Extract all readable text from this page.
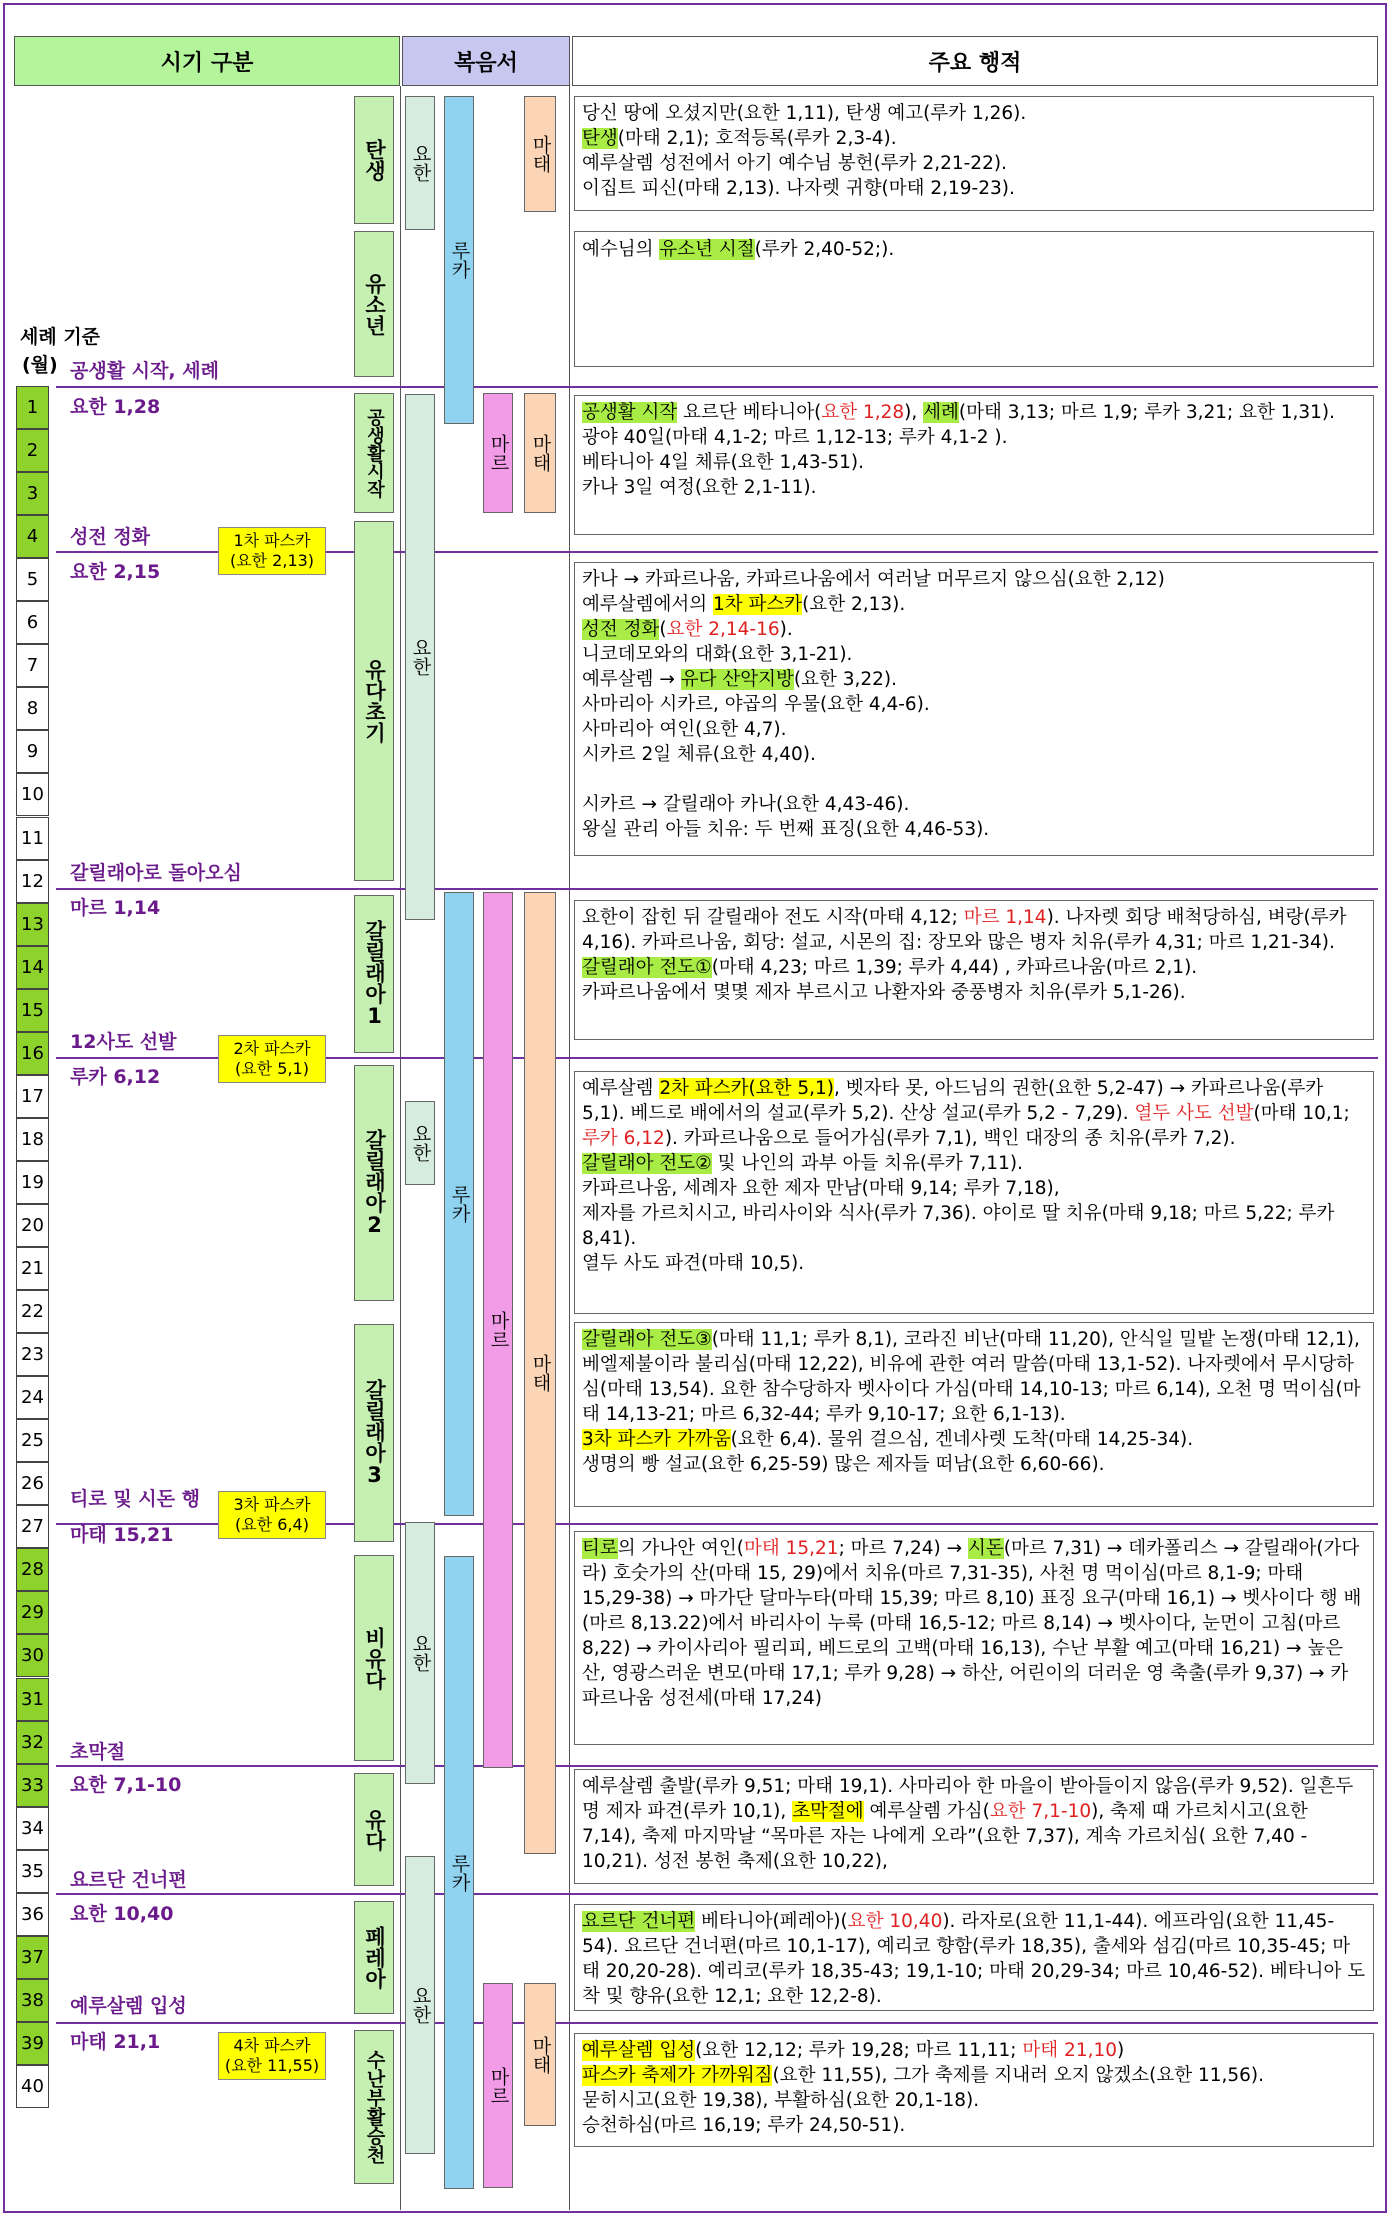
시기 구분	복음서	주요 행적
세례 기준
(월)
1
2
3
4
5
6
7
8
9
10
11
12
13
14
15
16
17
18
19
20
21
22
23
24
25
26
27
28
29
30
31
32
33
34
35
36
37
38
39
40
공생활 시작, 세례
요한 1,28
성전 정화
요한 2,15
갈릴래아로 돌아오심
마르 1,14
12사도 선발
루카 6,12
티로 및 시돈 행
마태 15,21
초막절
요한 7,1-10
요르단 건너편
요한 10,40
예루살렘 입성
마태 21,1
1차 파스카
(요한 2,13)
2차 파스카
(요한 5,1)
3차 파스카
(요한 6,4)
4차 파스카
(요한 11,55)
탄생
유소년
공생활시작
유다초기
갈릴래아1
갈릴래아2
갈릴래아3
비유다
유다
페레아
수난부활승천
요한
요한
요한
요한
요한
루카
루카
루카
마르
마르
마르
마태
마태
마태
마태

당신 땅에 오셨지만(요한 1,11), 탄생 예고(루카 1,26).

탄생(마태 2,1); 호적등록(루카 2,3-4).

예루살렘 성전에서 아기 예수님 봉헌(루카 2,21-22).

이집트 피신(마태 2,13). 나자렛 귀향(마태 2,19-23).

예수님의 유소년 시절(루카 2,40-52;).

공생활 시작 요르단 베타니아(요한 1,28), 세례(마태 3,13; 마르 1,9; 루카 3,21; 요한 1,31).

광야 40일(마태 4,1-2; 마르 1,12-13; 루카 4,1-2 ).

베타니아 4일 체류(요한 1,43-51).

카나 3일 여정(요한 2,1-11).

카나 → 카파르나움, 카파르나움에서 여러날 머무르지 않으심(요한 2,12)

예루살렘에서의 1차 파스카(요한 2,13).

성전 정화(요한 2,14-16).

니코데모와의 대화(요한 3,1-21).

예루살렘 → 유다 산악지방(요한 3,22).

사마리아 시카르, 야곱의 우물(요한 4,4-6).

사마리아 여인(요한 4,7).

시카르 2일 체류(요한 4,40).

시카르 → 갈릴래아 카나(요한 4,43-46).

왕실 관리 아들 치유: 두 번째 표징(요한 4,46-53).

요한이 잡힌 뒤 갈릴래아 전도 시작(마태 4,12; 마르 1,14). 나자렛 회당 배척당하심, 벼랑(루카 4,16). 카파르나움, 회당: 설교, 시몬의 집: 장모와 많은 병자 치유(루카 4,31; 마르 1,21-34).

갈릴래아 전도①(마태 4,23; 마르 1,39; 루카 4,44) , 카파르나움(마르 2,1).

카파르나움에서 몇몇 제자 부르시고 나환자와 중풍병자 치유(루카 5,1-26).

예루살렘 2차 파스카(요한 5,1), 벳자타 못, 아드님의 권한(요한 5,2-47) → 카파르나움(루카 5,1). 베드로 배에서의 설교(루카 5,2). 산상 설교(루카 5,2 - 7,29). 열두 사도 선발(마태 10,1; 루카 6,12). 카파르나움으로 들어가심(루카 7,1), 백인 대장의 종 치유(루카 7,2).

갈릴래아 전도② 및 나인의 과부 아들 치유(루카 7,11).

카파르나움, 세례자 요한 제자 만남(마태 9,14; 루카 7,18),

제자를 가르치시고, 바리사이와 식사(루카 7,36). 야이로 딸 치유(마태 9,18; 마르 5,22; 루카 8,41).

열두 사도 파견(마태 10,5).

갈릴래아 전도③(마태 11,1; 루카 8,1), 코라진 비난(마태 11,20), 안식일 밀밭 논쟁(마태 12,1), 베엘제불이라 불리심(마태 12,22), 비유에 관한 여러 말씀(마태 13,1-52). 나자렛에서 무시당하심(마태 13,54). 요한 참수당하자 벳사이다 가심(마태 14,10-13; 마르 6,14), 오천 명 먹이심(마태 14,13-21; 마르 6,32-44; 루카 9,10-17; 요한 6,1-13).

3차 파스카 가까움(요한 6,4). 물위 걸으심, 겐네사렛 도착(마태 14,25-34).

생명의 빵 설교(요한 6,25-59) 많은 제자들 떠남(요한 6,60-66).

티로의 가나안 여인(마태 15,21; 마르 7,24) → 시돈(마르 7,31) → 데카폴리스 → 갈릴래아(가다라) 호숫가의 산(마태 15, 29)에서 치유(마르 7,31-35), 사천 명 먹이심(마르 8,1-9; 마태 15,29-38) → 마가단 달마누타(마태 15,39; 마르 8,10) 표징 요구(마태 16,1) → 벳사이다 행 배(마르 8,13.22)에서 바리사이 누룩 (마태 16,5-12; 마르 8,14) → 벳사이다, 눈먼이 고침(마르 8,22) → 카이사리아 필리피, 베드로의 고백(마태 16,13), 수난 부활 예고(마태 16,21) → 높은 산, 영광스러운 변모(마태 17,1; 루카 9,28) → 하산, 어린이의 더러운 영 축출(루카 9,37) → 카파르나움 성전세(마태 17,24)

예루살렘 출발(루카 9,51; 마태 19,1). 사마리아 한 마을이 받아들이지 않음(루카 9,52). 일흔두 명 제자 파견(루카 10,1), 초막절에 예루살렘 가심(요한 7,1-10), 축제 때 가르치시고(요한 7,14), 축제 마지막날 “목마른 자는 나에게 오라”(요한 7,37), 계속 가르치심( 요한 7,40 - 10,21). 성전 봉헌 축제(요한 10,22),

요르단 건너편 베타니아(페레아)(요한 10,40). 라자로(요한 11,1-44). 에프라임(요한 11,45-54). 요르단 건너편(마르 10,1-17), 예리코 향함(루카 18,35), 출세와 섬김(마르 10,35-45; 마태 20,20-28). 예리코(루카 18,35-43; 19,1-10; 마태 20,29-34; 마르 10,46-52). 베타니아 도착 및 향유(요한 12,1; 요한 12,2-8).

예루살렘 입성(요한 12,12; 루카 19,28; 마르 11,11; 마태 21,10)

파스카 축제가 가까워짐(요한 11,55), 그가 축제를 지내러 오지 않겠소(요한 11,56).

묻히시고(요한 19,38), 부활하심(요한 20,1-18).

승천하심(마르 16,19; 루카 24,50-51).
